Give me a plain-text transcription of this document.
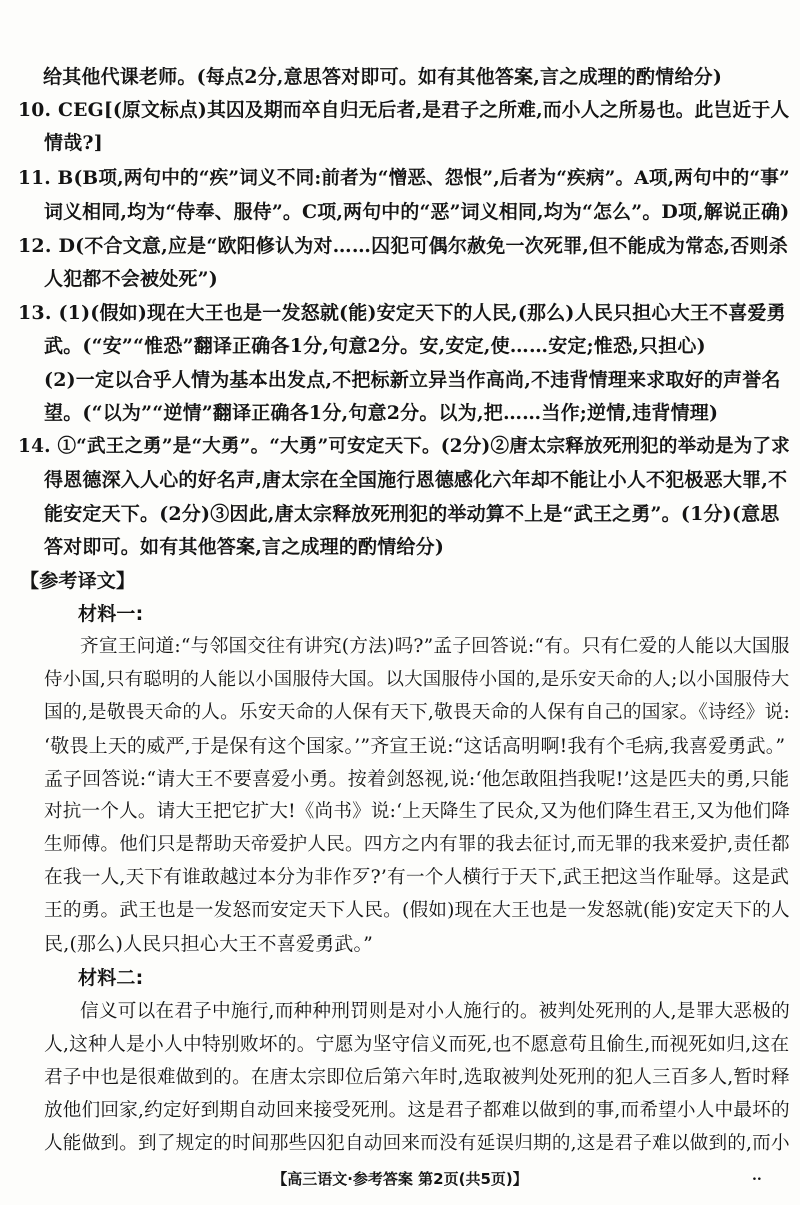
给其他代课老师。(每点2分,意思答对即可。如有其他答案,言之成理的酌情给分)
10. CEG[(原文标点)其囚及期而卒自归无后者,是君子之所难,而小人之所易也。此岂近于人
情哉?]
11. B(B项,两句中的“疾”词义不同:前者为“憎恶、怨恨”,后者为“疾病”。A项,两句中的“事”
词义相同,均为“侍奉、服侍”。C项,两句中的“恶”词义相同,均为“怎么”。D项,解说正确)
12. D(不合文意,应是“欧阳修认为对……囚犯可偶尔赦免一次死罪,但不能成为常态,否则杀
人犯都不会被处死”)
13. (1)(假如)现在大王也是一发怒就(能)安定天下的人民,(那么)人民只担心大王不喜爱勇
武。(“安”“惟恐”翻译正确各1分,句意2分。安,安定,使……安定;惟恐,只担心)
(2)一定以合乎人情为基本出发点,不把标新立异当作高尚,不违背情理来求取好的声誉名
望。(“以为”“逆情”翻译正确各1分,句意2分。以为,把……当作;逆情,违背情理)
14. ①“武王之勇”是“大勇”。“大勇”可安定天下。(2分)②唐太宗释放死刑犯的举动是为了求
得恩德深入人心的好名声,唐太宗在全国施行恩德感化六年却不能让小人不犯极恶大罪,不
能安定天下。(2分)③因此,唐太宗释放死刑犯的举动算不上是“武王之勇”。(1分)(意思
答对即可。如有其他答案,言之成理的酌情给分)
【参考译文】
材料一:
齐宣王问道:“与邻国交往有讲究(方法)吗?”孟子回答说:“有。只有仁爱的人能以大国服
侍小国,只有聪明的人能以小国服侍大国。以大国服侍小国的,是乐安天命的人;以小国服侍大
国的,是敬畏天命的人。乐安天命的人保有天下,敬畏天命的人保有自己的国家。《诗经》说:
‘敬畏上天的威严,于是保有这个国家。’”齐宣王说:“这话高明啊!我有个毛病,我喜爱勇武。”
孟子回答说:“请大王不要喜爱小勇。按着剑怒视,说:‘他怎敢阻挡我呢!’这是匹夫的勇,只能
对抗一个人。请大王把它扩大!《尚书》说:‘上天降生了民众,又为他们降生君王,又为他们降
生师傅。他们只是帮助天帝爱护人民。四方之内有罪的我去征讨,而无罪的我来爱护,责任都
在我一人,天下有谁敢越过本分为非作歹?’有一个人横行于天下,武王把这当作耻辱。这是武
王的勇。武王也是一发怒而安定天下人民。(假如)现在大王也是一发怒就(能)安定天下的人
民,(那么)人民只担心大王不喜爱勇武。”
材料二:
信义可以在君子中施行,而种种刑罚则是对小人施行的。被判处死刑的人,是罪大恶极的
人,这种人是小人中特别败坏的。宁愿为坚守信义而死,也不愿意苟且偷生,而视死如归,这在
君子中也是很难做到的。在唐太宗即位后第六年时,选取被判处死刑的犯人三百多人,暂时释
放他们回家,约定好到期自动回来接受死刑。这是君子都难以做到的事,而希望小人中最坏的
人能做到。到了规定的时间那些囚犯自动回来而没有延误归期的,这是君子难以做到的,而小
【高三语文·参考答案 第2页(共5页)】	..
